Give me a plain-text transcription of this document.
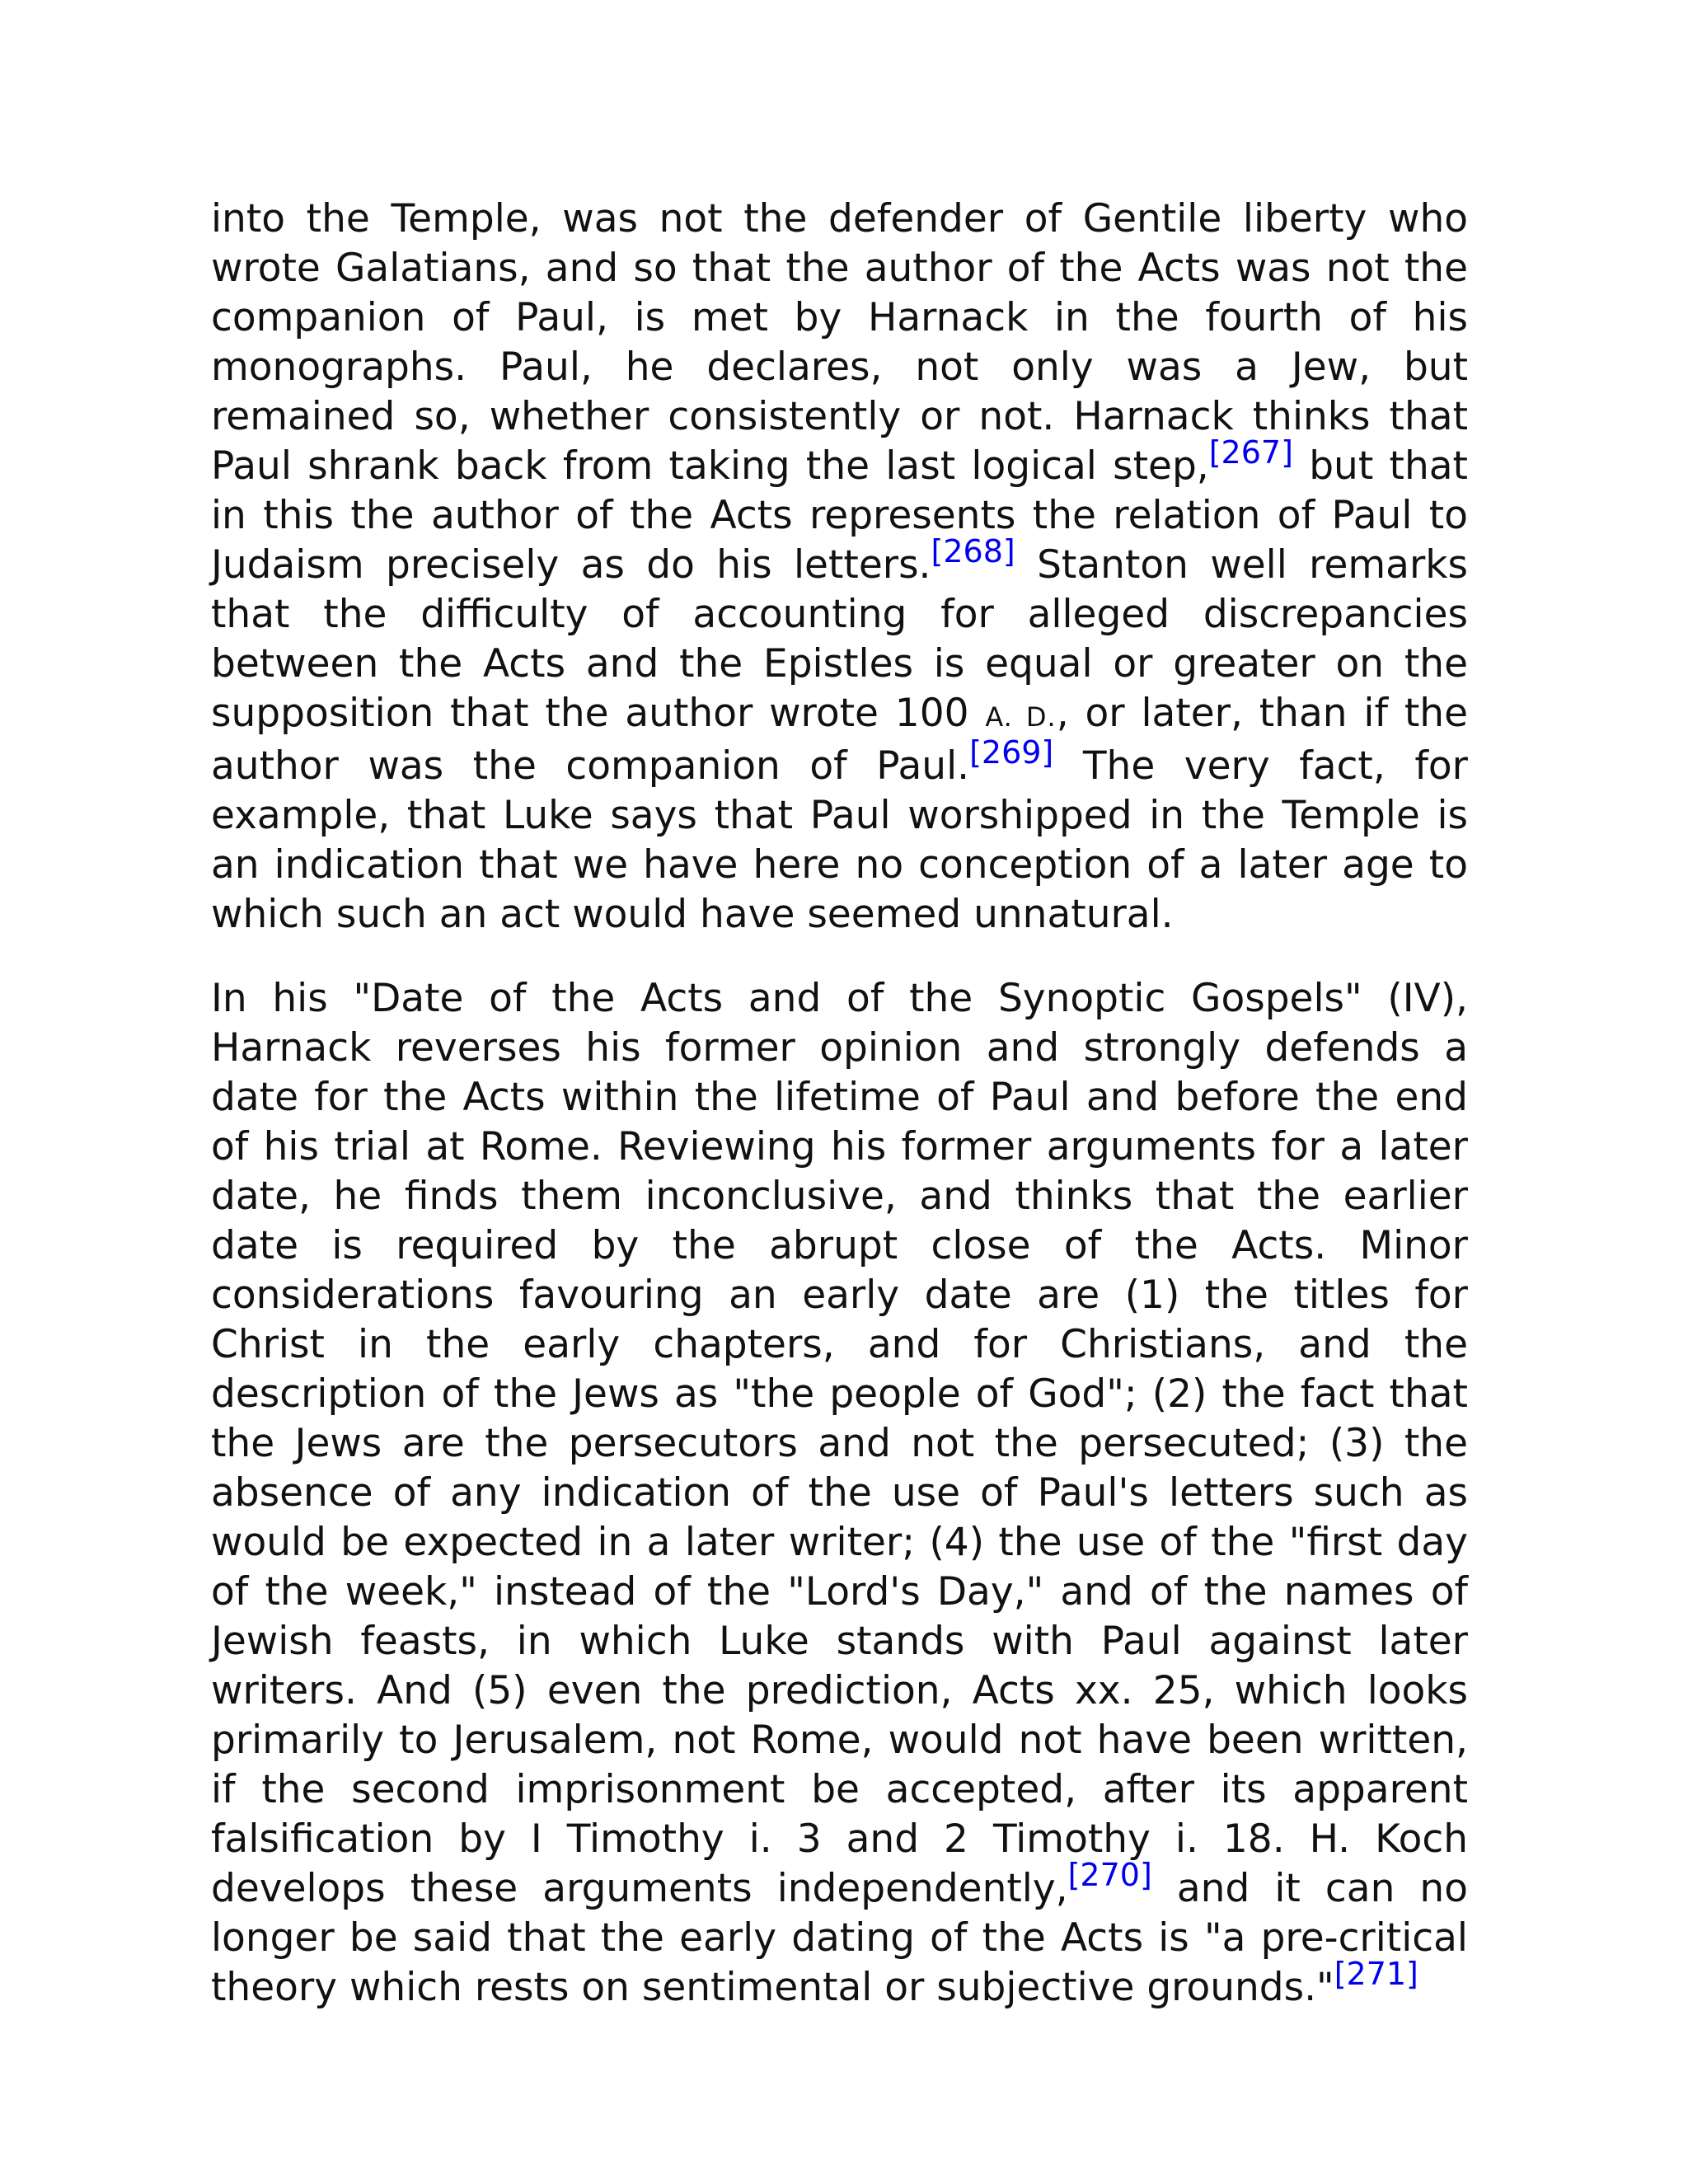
into the Temple, was not the defender of Gentile liberty who wrote Galatians, and so that the author of the Acts was not the companion of Paul, is met by Harnack in the fourth of his monographs. Paul, he declares, not only was a Jew, but remained so, whether consistently or not. Harnack thinks that Paul shrank back from taking the last logical step,[267] but that in this the author of the Acts represents the relation of Paul to Judaism precisely as do his letters.[268] Stanton well remarks that the difficulty of accounting for alleged discrepancies between the Acts and the Epistles is equal or greater on the supposition that the author wrote 100 A. D., or later, than if the author was the companion of Paul.[269] The very fact, for example, that Luke says that Paul worshipped in the Temple is an indication that we have here no conception of a later age to which such an act would have seemed unnatural.

In his "Date of the Acts and of the Synoptic Gospels" (IV), Harnack reverses his former opinion and strongly defends a date for the Acts within the lifetime of Paul and before the end of his trial at Rome. Reviewing his former arguments for a later date, he finds them inconclusive, and thinks that the earlier date is required by the abrupt close of the Acts. Minor considerations favouring an early date are (1) the titles for Christ in the early chapters, and for Christians, and the description of the Jews as "the people of God"; (2) the fact that the Jews are the persecutors and not the persecuted; (3) the absence of any indication of the use of Paul's letters such as would be expected in a later writer; (4) the use of the "first day of the week," instead of the "Lord's Day," and of the names of Jewish feasts, in which Luke stands with Paul against later writers. And (5) even the prediction, Acts xx. 25, which looks primarily to Jerusalem, not Rome, would not have been written, if the second imprisonment be accepted, after its apparent falsification by I Timothy i. 3 and 2 Timothy i. 18. H. Koch develops these arguments independently,[270] and it can no longer be said that the early dating of the Acts is "a pre-critical theory which rests on sentimental or subjective grounds."[271]
